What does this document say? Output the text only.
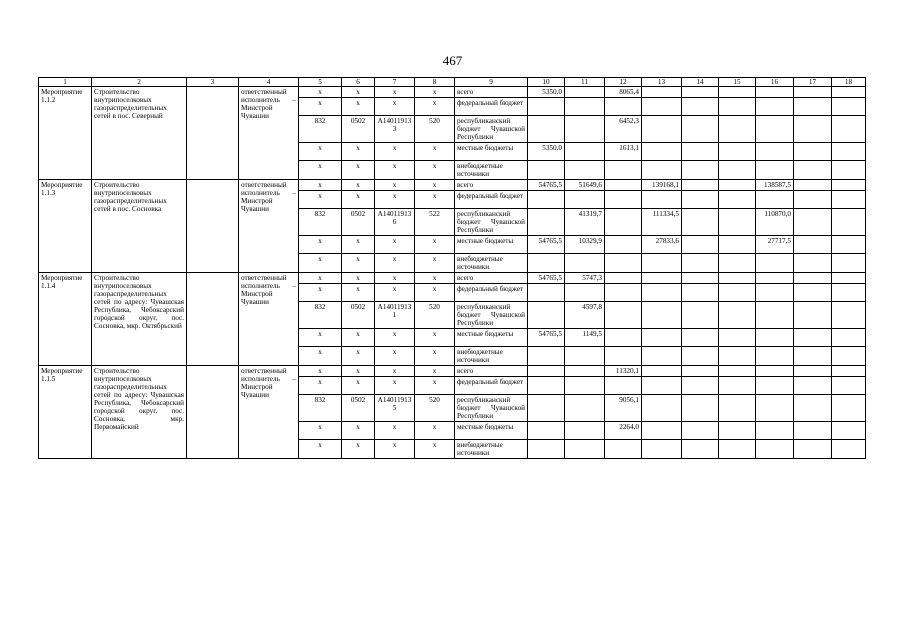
467
1	2	3	4	5	6	7	8	9	10	11	12	13	14	15	16	17	18
Мероприятие 1.1.2	Строительство внутрипоселковых газораспределительных сетей в пос. Северный		ответственный исполнитель – Минстрой Чувашии	x	x	x	x	всего	5350,0		8065,4						
				x	x	x	x	федеральный бюджет									
				832	0502	A140119133	520	республиканский бюджет Чувашской Республики			6452,3						
				x	x	x	x	местные бюджеты	5350,0		1613,1						
				x	x	x	x	внебюджетные источники									
Мероприятие 1.1.3	Строительство внутрипоселковых газораспределительных сетей в пос. Сосновка		ответственный исполнитель – Минстрой Чувашии	x	x	x	x	всего	54765,5	51649,6		139168,1			138587,5		
				x	x	x	x	федеральный бюджет									
				832	0502	A140119136	522	республиканский бюджет Чувашской Республики		41319,7		111334,5			110870,0		
				x	x	x	x	местные бюджеты	54765,5	10329,9		27833,6			27717,5		
				x	x	x	x	внебюджетные источники									
Мероприятие 1.1.4	Строительство внутрипоселковых газораспределительных сетей по адресу: Чувашская Республика, Чебоксарский городской округ, пос. Сосновка, мкр. Октябрьский		ответственный исполнитель – Минстрой Чувашии	x	x	x	x	всего	54765,5	5747,3							
				x	x	x	x	федеральный бюджет									
				832	0502	A140119131	520	республиканский бюджет Чувашской Республики		4597,8							
				x	x	x	x	местные бюджеты	54765,5	1149,5							
				x	x	x	x	внебюджетные источники									
Мероприятие 1.1.5	Строительство внутрипоселковых газораспределительных сетей по адресу: Чувашская Республика, Чебоксарский городской округ, пос. Сосновка, мкр. Первомайский		ответственный исполнитель – Минстрой Чувашии	x	x	x	x	всего			11320,1						
				x	x	x	x	федеральный бюджет									
				832	0502	A140119135	520	республиканский бюджет Чувашской Республики			9056,1						
				x	x	x	x	местные бюджеты			2264,0						
				x	x	x	x	внебюджетные источники									
